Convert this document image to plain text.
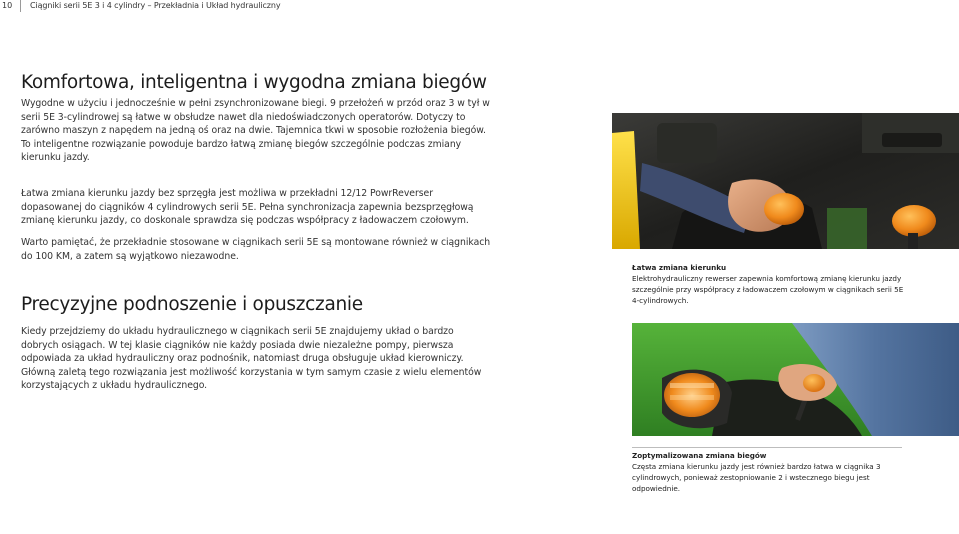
10 Ciągniki serii 5E 3 i 4 cylindry – Przekładnia i Układ hydrauliczny
Komfortowa, inteligentna i wygodna zmiana biegów

Wygodne w użyciu i jednocześnie w pełni zsynchronizowane biegi. 9 przełożeń w przód oraz 3 w tył w serii 5E 3-cylindrowej są łatwe w obsłudze nawet dla niedoświadczonych operatorów. Dotyczy to zarówno maszyn z napędem na jedną oś oraz na dwie. Tajemnica tkwi w sposobie rozłożenia biegów. To inteligentne rozwiązanie powoduje bardzo łatwą zmianę biegów szczególnie podczas zmiany kierunku jazdy.

Łatwa zmiana kierunku jazdy bez sprzęgła jest możliwa w przekładni 12/12 PowrReverser dopasowanej do ciągników 4 cylindrowych serii 5E. Pełna synchronizacja zapewnia bezsprzęgłową zmianę kierunku jazdy, co doskonale sprawdza się podczas współpracy z ładowaczem czołowym.

Warto pamiętać, że przekładnie stosowane w ciągnikach serii 5E są montowane również w ciągnikach do 100 KM, a zatem są wyjątkowo niezawodne.

Precyzyjne podnoszenie i opuszczanie

Kiedy przejdziemy do układu hydraulicznego w ciągnikach serii 5E znajdujemy układ o bardzo dobrych osiągach. W tej klasie ciągników nie każdy posiada dwie niezależne pompy, pierwsza odpowiada za układ hydrauliczny oraz podnośnik, natomiast druga obsługuje układ kierowniczy. Główną zaletą tego rozwiązania jest możliwość korzystania w tym samym czasie z wielu elementów korzystających z układu hydraulicznego.

Łatwa zmiana kierunku
Elektrohydrauliczny rewerser zapewnia komfortową zmianę kierunku jazdy szczególnie przy współpracy z ładowaczem czołowym w ciągnikach serii 5E 4-cylindrowych.
Zoptymalizowana zmiana biegów
Częsta zmiana kierunku jazdy jest również bardzo łatwa w ciągnika 3 cylindrowych, ponieważ zestopniowanie 2 i wstecznego biegu jest odpowiednie.
